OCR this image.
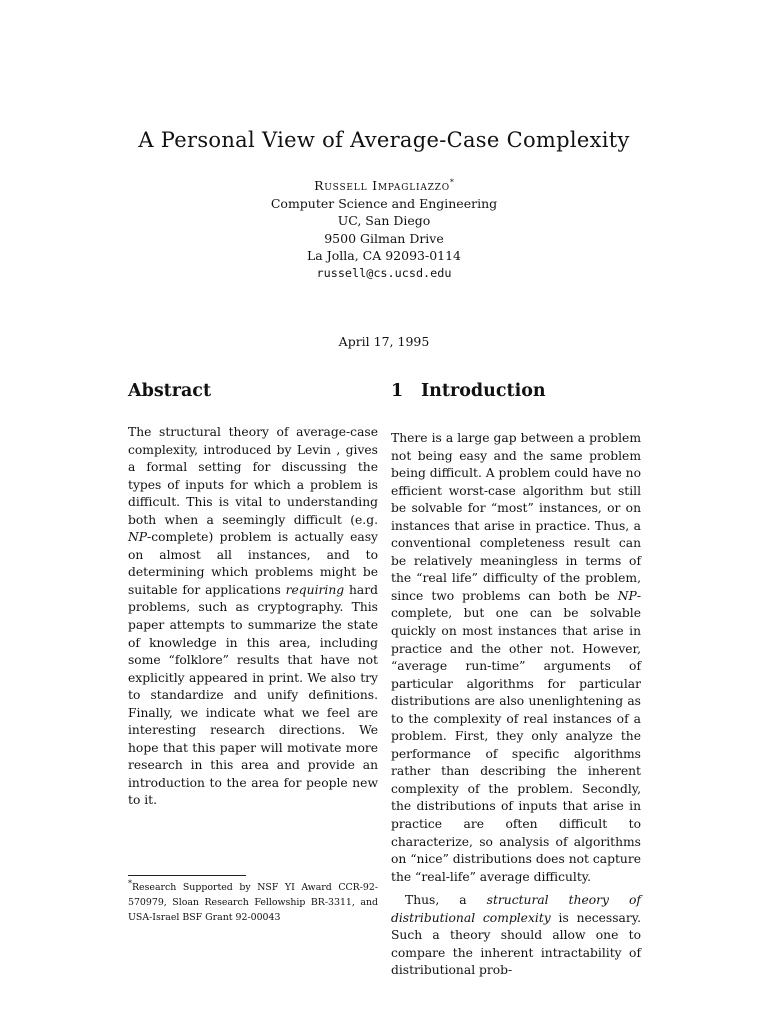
A Personal View of Average-Case Complexity
Russell Impagliazzo*
Computer Science and Engineering
UC, San Diego
9500 Gilman Drive
La Jolla, CA 92093-0114
russell@cs.ucsd.edu
April 17, 1995
Abstract	1 Introduction

The structural theory of average-case complexity, introduced by Levin , gives a formal setting for discussing the types of inputs for which a problem is difficult. This is vital to understanding both when a seemingly difficult (e.g. NP-complete) problem is actually easy on almost all instances, and to determining which problems might be suitable for applications requiring hard problems, such as cryptography. This paper attempts to summarize the state of knowledge in this area, including some “folklore” results that have not explicitly appeared in print. We also try to standardize and unify definitions. Finally, we indicate what we feel are interesting research directions. We hope that this paper will motivate more research in this area and provide an introduction to the area for people new to it.

There is a large gap between a problem not being easy and the same problem being difficult. A problem could have no efficient worst-case algorithm but still be solvable for “most” instances, or on instances that arise in practice. Thus, a conventional completeness result can be relatively meaningless in terms of the “real life” difficulty of the problem, since two problems can both be NP- complete, but one can be solvable quickly on most instances that arise in practice and the other not. However, “average run-time” arguments of particular algorithms for particular distributions are also unenlightening as to the complexity of real instances of a problem. First, they only analyze the performance of specific algorithms rather than describing the inherent complexity of the problem. Secondly, the distributions of inputs that arise in practice are often difficult to characterize, so analysis of algorithms on “nice” distributions does not capture the “real-life” average difficulty.

Thus, a structural theory of distributional complexity is necessary. Such a theory should allow one to compare the inherent intractability of distributional prob-

*Research Supported by NSF YI Award CCR-92-570979, Sloan Research Fellowship BR-3311, and USA-Israel BSF Grant 92-00043
